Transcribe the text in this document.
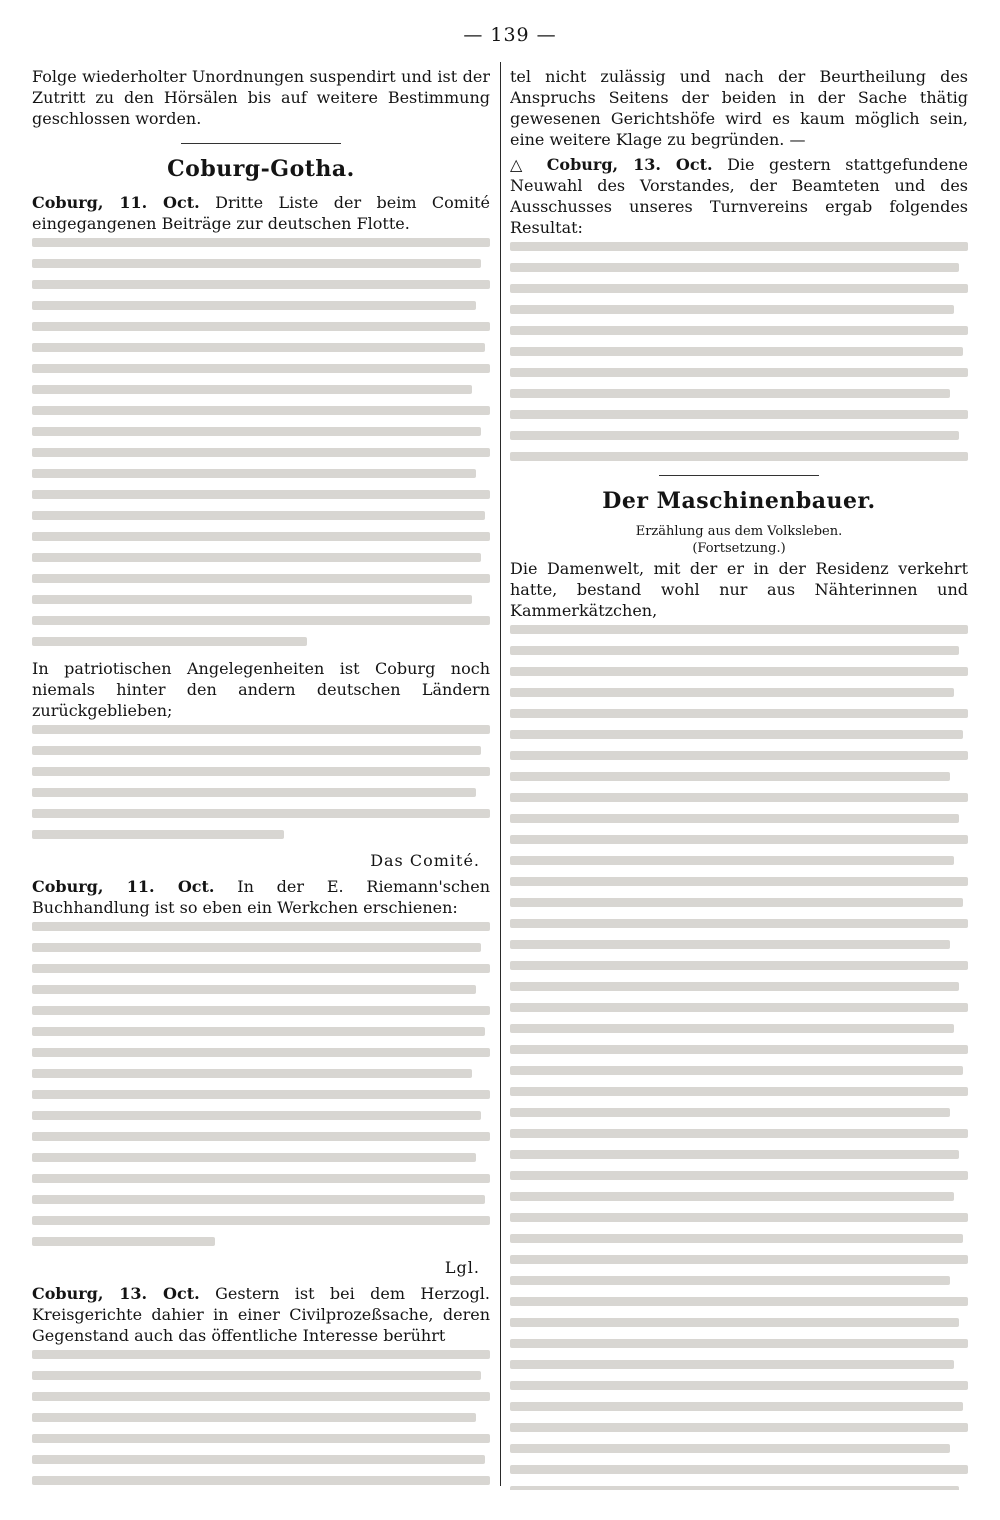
— 139 —

Folge wiederholter Unordnungen suspendirt und ist der Zutritt zu den Hörsälen bis auf weitere Bestimmung geschlossen worden.

Coburg-Gotha.

Coburg, 11. Oct. Dritte Liste der beim Comité eingegangenen Beiträge zur deutschen Flotte.

In patriotischen Angelegenheiten ist Coburg noch niemals hinter den andern deutschen Ländern zurückgeblieben;

Das Comité.

Coburg, 11. Oct. In der E. Riemann'schen Buchhandlung ist so eben ein Werkchen erschienen:

Lgl.

Coburg, 13. Oct. Gestern ist bei dem Herzogl. Kreisgerichte dahier in einer Civilprozeßsache, deren Gegenstand auch das öffentliche Interesse berührt

tel nicht zulässig und nach der Beurtheilung des Anspruchs Seitens der beiden in der Sache thätig gewesenen Gerichtshöfe wird es kaum möglich sein, eine weitere Klage zu begründen. —

△ Coburg, 13. Oct. Die gestern stattgefundene Neuwahl des Vorstandes, der Beamteten und des Ausschusses unseres Turnvereins ergab folgendes Resultat:

Der Maschinenbauer.
Erzählung aus dem Volksleben.
(Fortsetzung.)

Die Damenwelt, mit der er in der Residenz verkehrt hatte, bestand wohl nur aus Nähterinnen und Kammerkätzchen,
